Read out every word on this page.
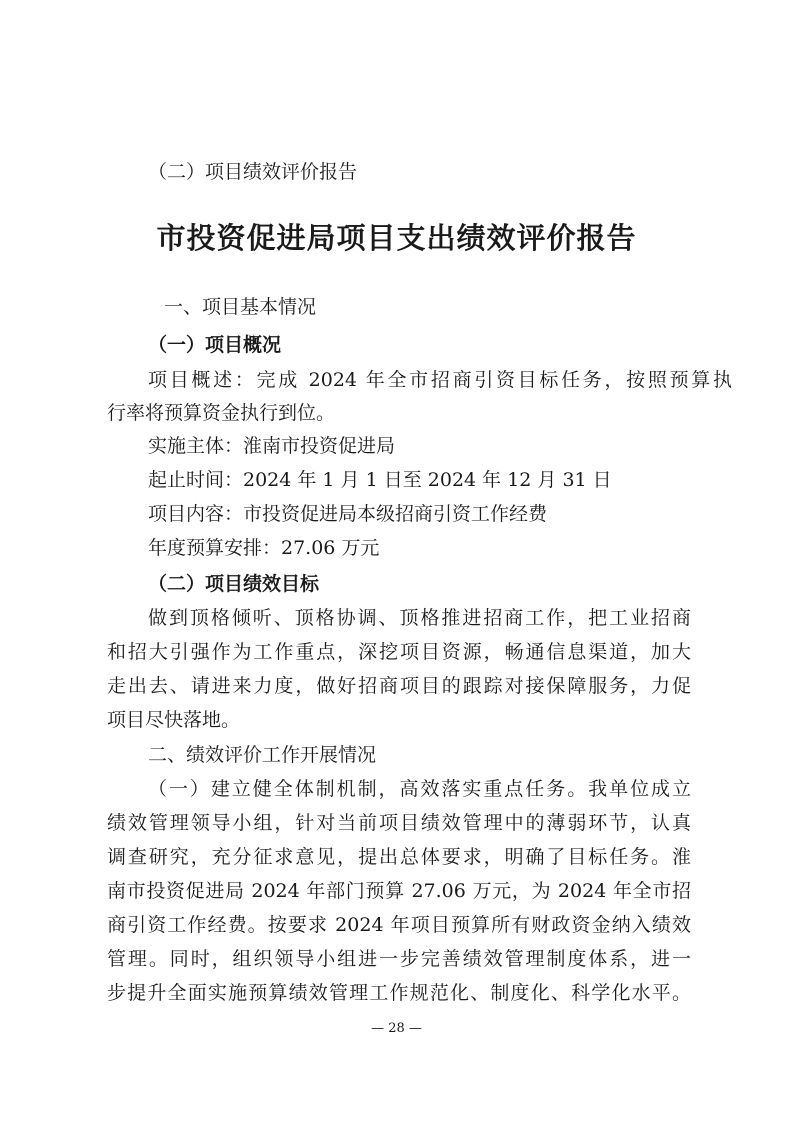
（二）项目绩效评价报告
市投资促进局项目支出绩效评价报告
一、项目基本情况
（一）项目概况
项目概述：完成 2024 年全市招商引资目标任务，按照预算执
行率将预算资金执行到位。
实施主体：淮南市投资促进局
起止时间：2024 年 1 月 1 日至 2024 年 12 月 31 日
项目内容：市投资促进局本级招商引资工作经费
年度预算安排：27.06 万元
（二）项目绩效目标
做到顶格倾听、顶格协调、顶格推进招商工作，把工业招商
和招大引强作为工作重点，深挖项目资源，畅通信息渠道，加大
走出去、请进来力度，做好招商项目的跟踪对接保障服务，力促
项目尽快落地。
二、绩效评价工作开展情况
（一）建立健全体制机制，高效落实重点任务。我单位成立
绩效管理领导小组，针对当前项目绩效管理中的薄弱环节，认真
调查研究，充分征求意见，提出总体要求，明确了目标任务。淮
南市投资促进局 2024 年部门预算 27.06 万元，为 2024 年全市招
商引资工作经费。按要求 2024 年项目预算所有财政资金纳入绩效
管理。同时，组织领导小组进一步完善绩效管理制度体系，进一
步提升全面实施预算绩效管理工作规范化、制度化、科学化水平。
— 28 —
